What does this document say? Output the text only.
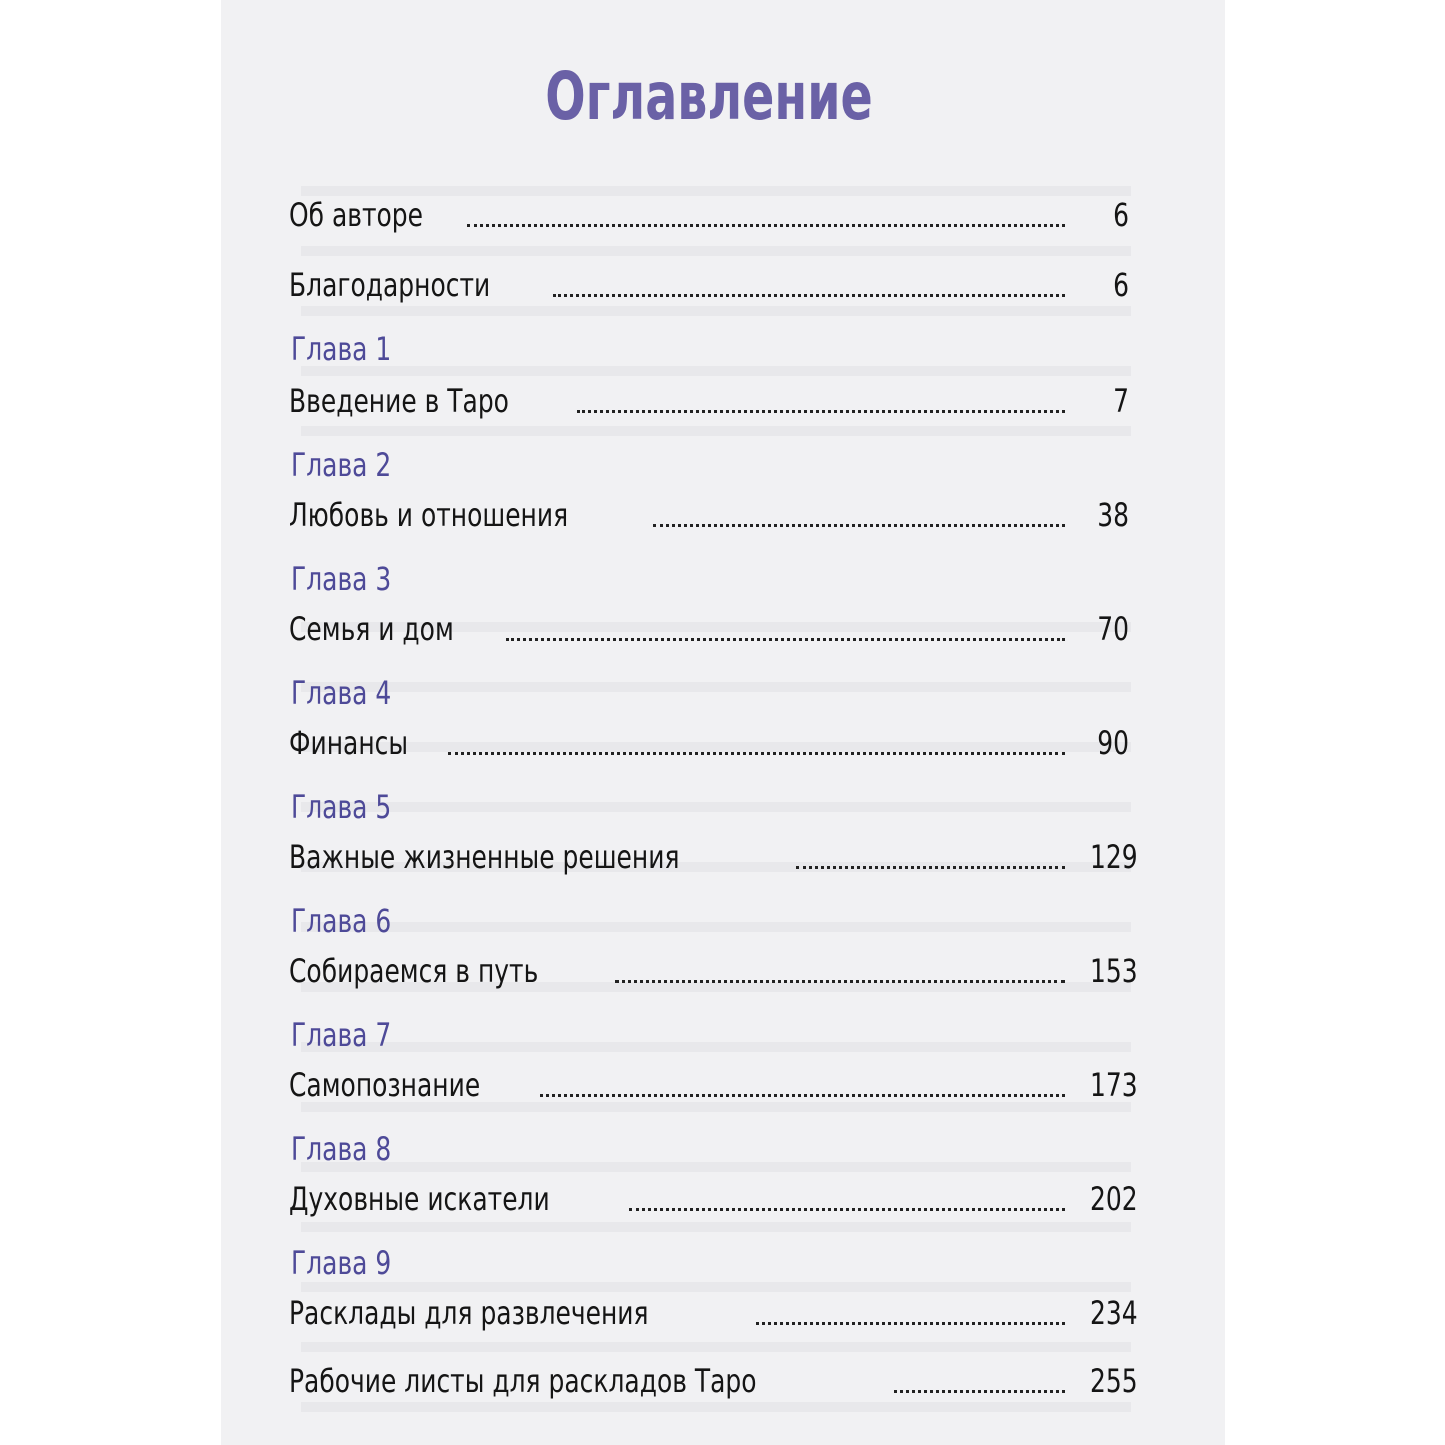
Оглавление
Об авторе	6
Благодарности	6
Глава 1
Введение в Таро	7
Глава 2
Любовь и отношения	38
Глава 3
Семья и дом	70
Глава 4
Финансы	90
Глава 5
Важные жизненные решения	129
Глава 6
Собираемся в путь	153
Глава 7
Самопознание	173
Глава 8
Духовные искатели	202
Глава 9
Расклады для развлечения	234
Рабочие листы для раскладов Таро	255
